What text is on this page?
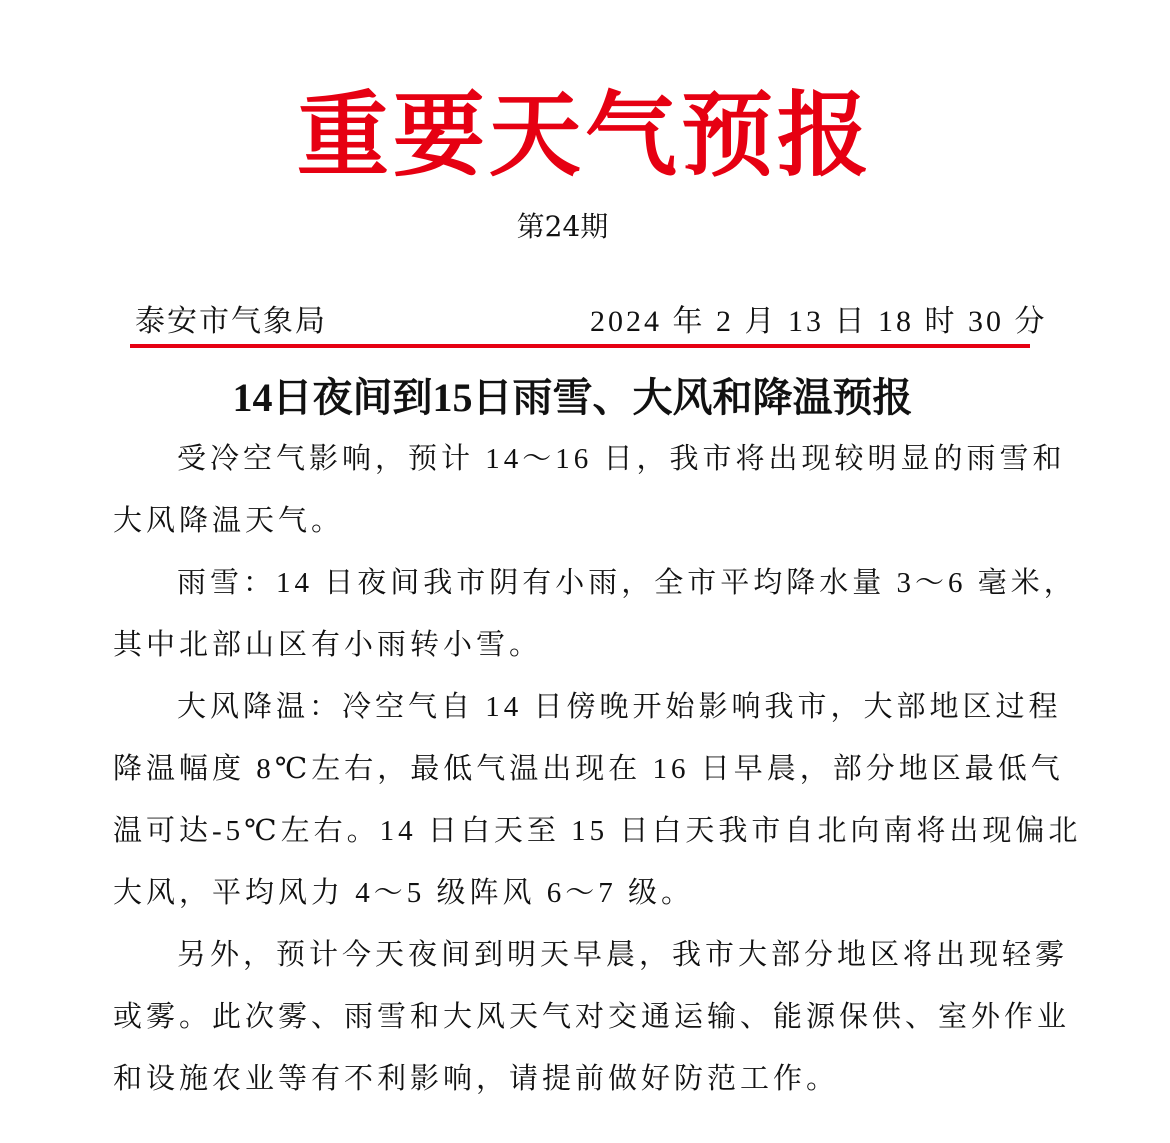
重要天气预报
第24期
泰安市气象局	2024 年 2 月 13 日 18 时 30 分
14日夜间到15日雨雪、大风和降温预报
受冷空气影响，预计 14～16 日，我市将出现较明显的雨雪和
大风降温天气。
雨雪：14 日夜间我市阴有小雨，全市平均降水量 3～6 毫米，
其中北部山区有小雨转小雪。
大风降温：冷空气自 14 日傍晚开始影响我市，大部地区过程
降温幅度 8℃左右，最低气温出现在 16 日早晨，部分地区最低气
温可达-5℃左右。14 日白天至 15 日白天我市自北向南将出现偏北
大风，平均风力 4～5 级阵风 6～7 级。
另外，预计今天夜间到明天早晨，我市大部分地区将出现轻雾
或雾。此次雾、雨雪和大风天气对交通运输、能源保供、室外作业
和设施农业等有不利影响，请提前做好防范工作。
